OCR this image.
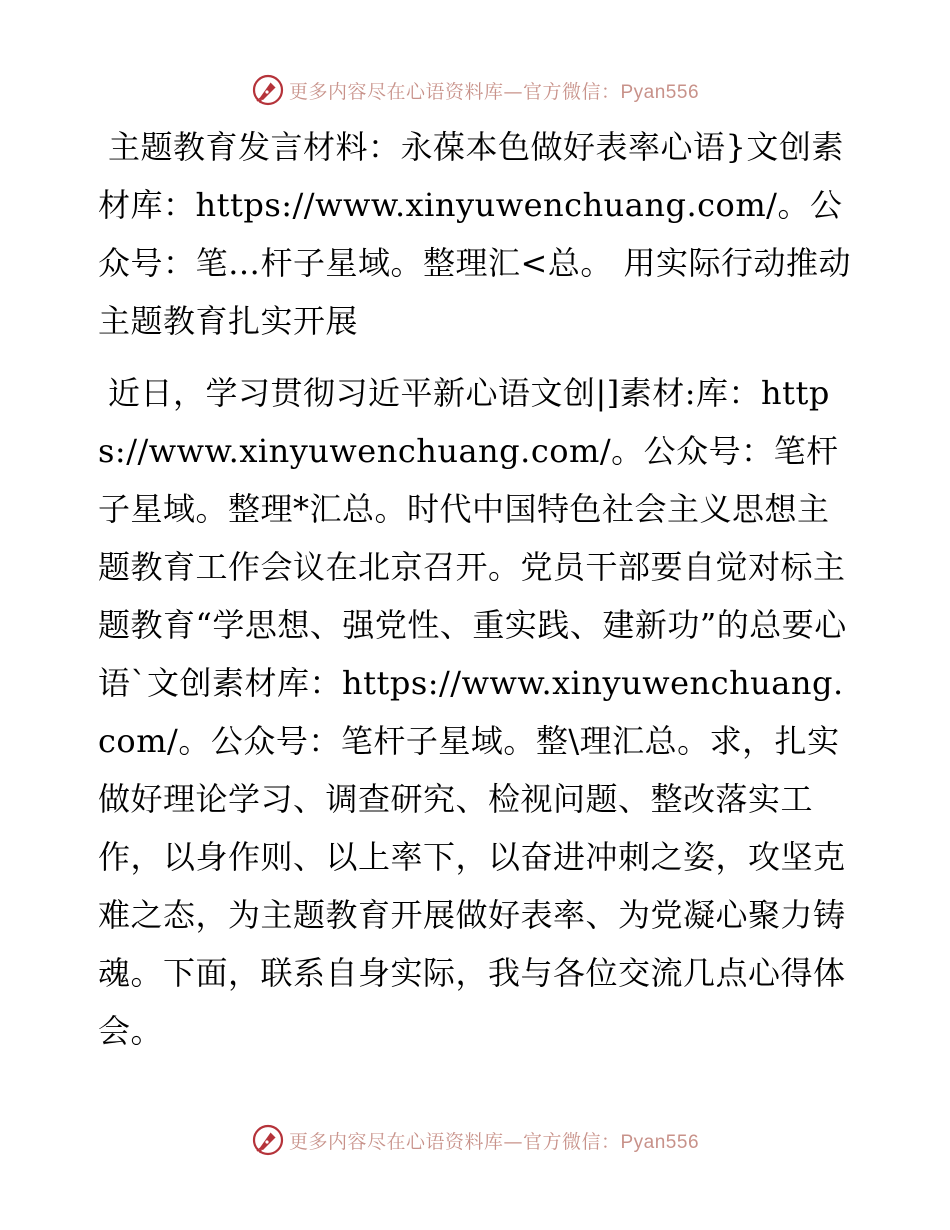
更多内容尽在心语资料库—官方微信：Pyan556

主题教育发言材料：永葆本色做好表率心语}文创素材库：https://www.xinyuwenchuang.com/。公众号：笔…杆子星域。整理汇<总。 用实际行动推动主题教育扎实开展

近日，学习贯彻习近平新心语文创|]素材:库：https://www.xinyuwenchuang.com/。公众号：笔杆子星域。整理*汇总。时代中国特色社会主义思想主题教育工作会议在北京召开。党员干部要自觉对标主题教育“学思想、强党性、重实践、建新功”的总要心语`文创素材库：https://www.xinyuwenchuang.com/。公众号：笔杆子星域。整\理汇总。求，扎实做好理论学习、调查研究、检视问题、整改落实工作，以身作则、以上率下，以奋进冲刺之姿，攻坚克难之态，为主题教育开展做好表率、为党凝心聚力铸魂。下面，联系自身实际，我与各位交流几点心得体会。

更多内容尽在心语资料库—官方微信：Pyan556
